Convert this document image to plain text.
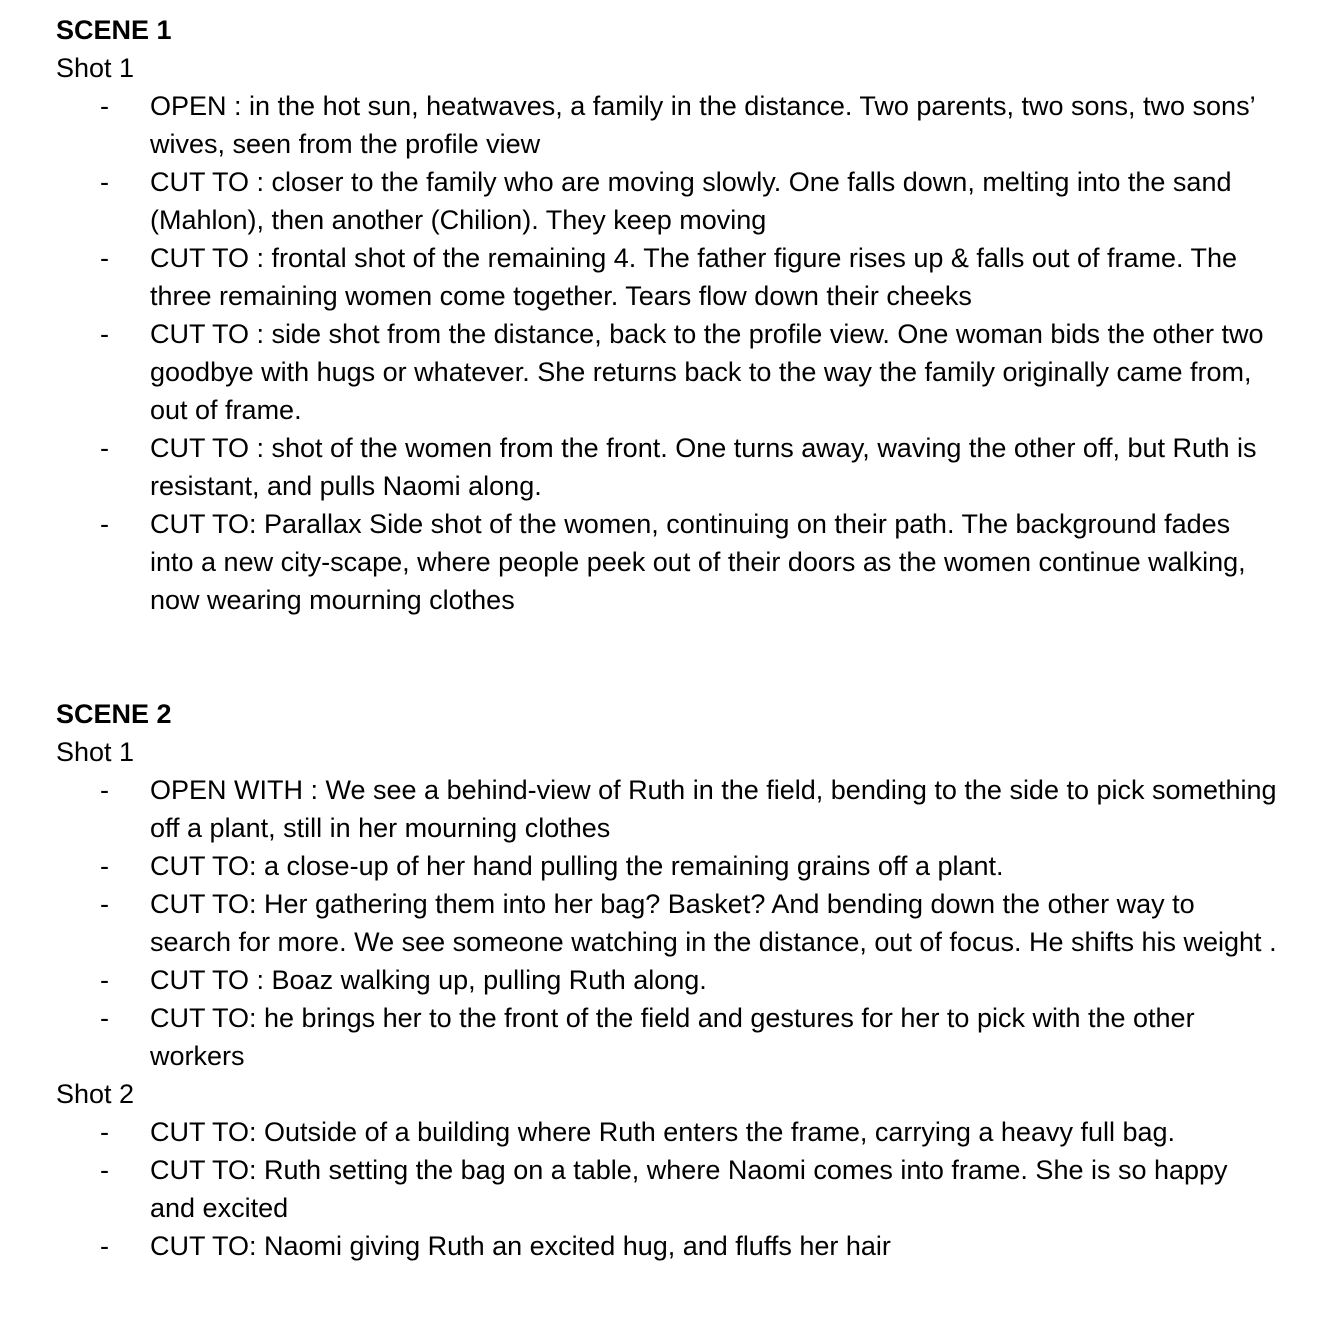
SCENE 1
Shot 1
- OPEN : in the hot sun, heatwaves, a family in the distance. Two parents, two sons, two sons’ wives, seen from the profile view
- CUT TO : closer to the family who are moving slowly. One falls down, melting into the sand (Mahlon), then another (Chilion). They keep moving
- CUT TO : frontal shot of the remaining 4. The father figure rises up & falls out of frame. The three remaining women come together. Tears flow down their cheeks
- CUT TO : side shot from the distance, back to the profile view. One woman bids the other two goodbye with hugs or whatever. She returns back to the way the family originally came from, out of frame.
- CUT TO : shot of the women from the front. One turns away, waving the other off, but Ruth is resistant, and pulls Naomi along.
- CUT TO: Parallax Side shot of the women, continuing on their path. The background fades into a new city-scape, where people peek out of their doors as the women continue walking, now wearing mourning clothes
SCENE 2
Shot 1
- OPEN WITH : We see a behind-view of Ruth in the field, bending to the side to pick something off a plant, still in her mourning clothes
- CUT TO: a close-up of her hand pulling the remaining grains off a plant.
- CUT TO: Her gathering them into her bag? Basket? And bending down the other way to search for more. We see someone watching in the distance, out of focus. He shifts his weight .
- CUT TO : Boaz walking up, pulling Ruth along.
- CUT TO: he brings her to the front of the field and gestures for her to pick with the other workers
Shot 2
- CUT TO: Outside of a building where Ruth enters the frame, carrying a heavy full bag.
- CUT TO: Ruth setting the bag on a table, where Naomi comes into frame. She is so happy and excited
- CUT TO: Naomi giving Ruth an excited hug, and fluffs her hair
